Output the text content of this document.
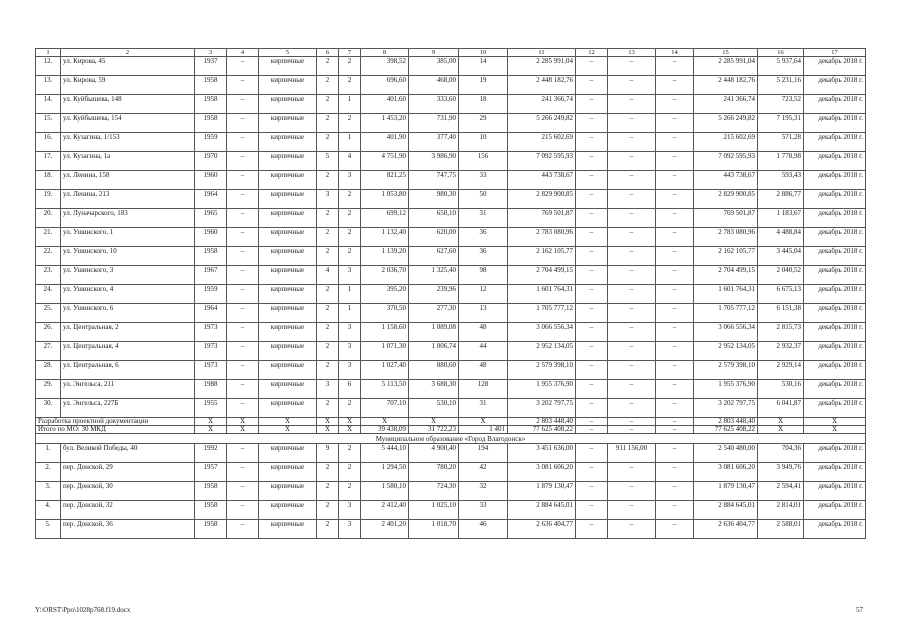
1	2	3	4	5	6	7	8	9	10	11	12	13	14	15	16	17
12.	ул. Кирова, 45	1937	–	кирпичные	2	2	398,52	385,00	14	2 285 991,04	–	–	–	2 285 991,04	5 937,64	декабрь 2018 г.
13.	ул. Кирова, 59	1958	–	кирпичные	2	2	696,60	468,00	19	2 448 182,76	–	–	–	2 448 182,76	5 231,16	декабрь 2018 г.
14.	ул. Куйбышева, 148	1958	–	кирпичные	2	1	401,60	333,60	18	241 366,74	–	–	–	241 366,74	723,52	декабрь 2018 г.
15.	ул. Куйбышева, 154	1958	–	кирпичные	2	2	1 453,20	731,90	29	5 266 249,82	–	–	–	5 266 249,82	7 195,31	декабрь 2018 г.
16.	ул. Кузагина, 1/153	1959	–	кирпичные	2	1	401,90	377,40	10	215 602,69	–	–	–	215 602,69	571,28	декабрь 2018 г.
17.	ул. Кузагина, 1а	1970	–	кирпичные	5	4	4 751,90	3 986,90	156	7 092 595,93	–	–	–	7 092 595,93	1 778,98	декабрь 2018 г.
18.	ул. Ленина, 158	1960	–	кирпичные	2	3	821,25	747,75	33	443 738,67	–	–	–	443 738,67	593,43	декабрь 2018 г.
19.	ул. Ленина, 213	1964	–	кирпичные	3	2	1 053,80	980,30	50	2 829 900,85	–	–	–	2 829 900,85	2 886,77	декабрь 2018 г.
20.	ул. Луначарского, 183	1965	–	кирпичные	2	2	699,12	650,10	31	769 501,87	–	–	–	769 501,87	1 183,67	декабрь 2018 г.
21.	ул. Ушинского, 1	1960	–	кирпичные	2	2	1 132,40	620,00	36	2 783 080,96	–	–	–	2 783 080,96	4 488,84	декабрь 2018 г.
22.	ул. Ушинского, 10	1958	–	кирпичные	2	2	1 139,20	627,60	36	2 162 105,77	–	–	–	2 162 105,77	3 445,04	декабрь 2018 г.
23.	ул. Ушинского, 3	1967	–	кирпичные	4	3	2 036,70	1 325,40	98	2 704 499,15	–	–	–	2 704 499,15	2 040,52	декабрь 2018 г.
24.	ул. Ушинского, 4	1959	–	кирпичные	2	1	395,20	239,96	12	1 601 764,31	–	–	–	1 601 764,31	6 675,13	декабрь 2018 г.
25.	ул. Ушинского, 6	1964	–	кирпичные	2	1	370,50	277,30	13	1 705 777,12	–	–	–	1 705 777,12	6 151,38	декабрь 2018 г.
26.	ул. Центральная, 2	1973	–	кирпичные	2	3	1 158,60	1 089,08	48	3 066 556,34	–	–	–	3 066 556,34	2 815,73	декабрь 2018 г.
27.	ул. Центральная, 4	1973	–	кирпичные	2	3	1 071,30	1 006,74	44	2 952 134,05	–	–	–	2 952 134,05	2 932,37	декабрь 2018 г.
28.	ул. Центральная, 6	1973	–	кирпичные	2	3	1 027,40	880,60	48	2 579 398,10	–	–	–	2 579 398,10	2 929,14	декабрь 2018 г.
29.	ул. Энгельса, 211	1988	–	кирпичные	3	6	5 113,50	3 688,30	128	1 955 376,90	–	–	–	1 955 376,90	530,16	декабрь 2018 г.
30.	ул. Энгельса, 227Б	1955	–	кирпичные	2	2	707,10	530,10	31	3 202 797,75	–	–	–	3 202 797,75	6 041,87	декабрь 2018 г.
Разработка проектной документации		X	X	X	X	X	X	X	X	2 803 448,40	–	–	–	2 803 448,40	X	X
Итого по МО: 30 МКД		X	X	X	X	X	39 438,09	31 722,23	1 401	77 625 408,22	–	–	–	77 625 408,22	X	X
Муниципальное образование «Город Влагодонск»																
1.	бул. Великой Победы, 40	1992	–	кирпичные	9	2	5 444,10	4 900,40	194	3 451 636,00	–	911 156,00	–	2 540 480,00	704,36	декабрь 2018 г.
2.	пер. Донской, 29	1957	–	кирпичные	2	2	1 294,50	780,20	42	3 081 606,20	–	–	–	3 081 606,20	3 949,76	декабрь 2018 г.
3.	пер. Донской, 30	1958	–	кирпичные	2	2	1 580,10	724,30	32	1 879 130,47	–	–	–	1 879 130,47	2 594,41	декабрь 2018 г.
4.	пер. Донской, 32	1958	–	кирпичные	2	3	2 412,40	1 025,10	33	2 884 645,01	–	–	–	2 884 645,01	2 814,01	декабрь 2018 г.
5.	пер. Донской, 36	1958	–	кирпичные	2	3	2 401,20	1 018,70	46	2 636 404,77	–	–	–	2 636 404,77	2 588,01	декабрь 2018 г.
Y:\ORST\Ppo\1028p768.f19.docx	57
